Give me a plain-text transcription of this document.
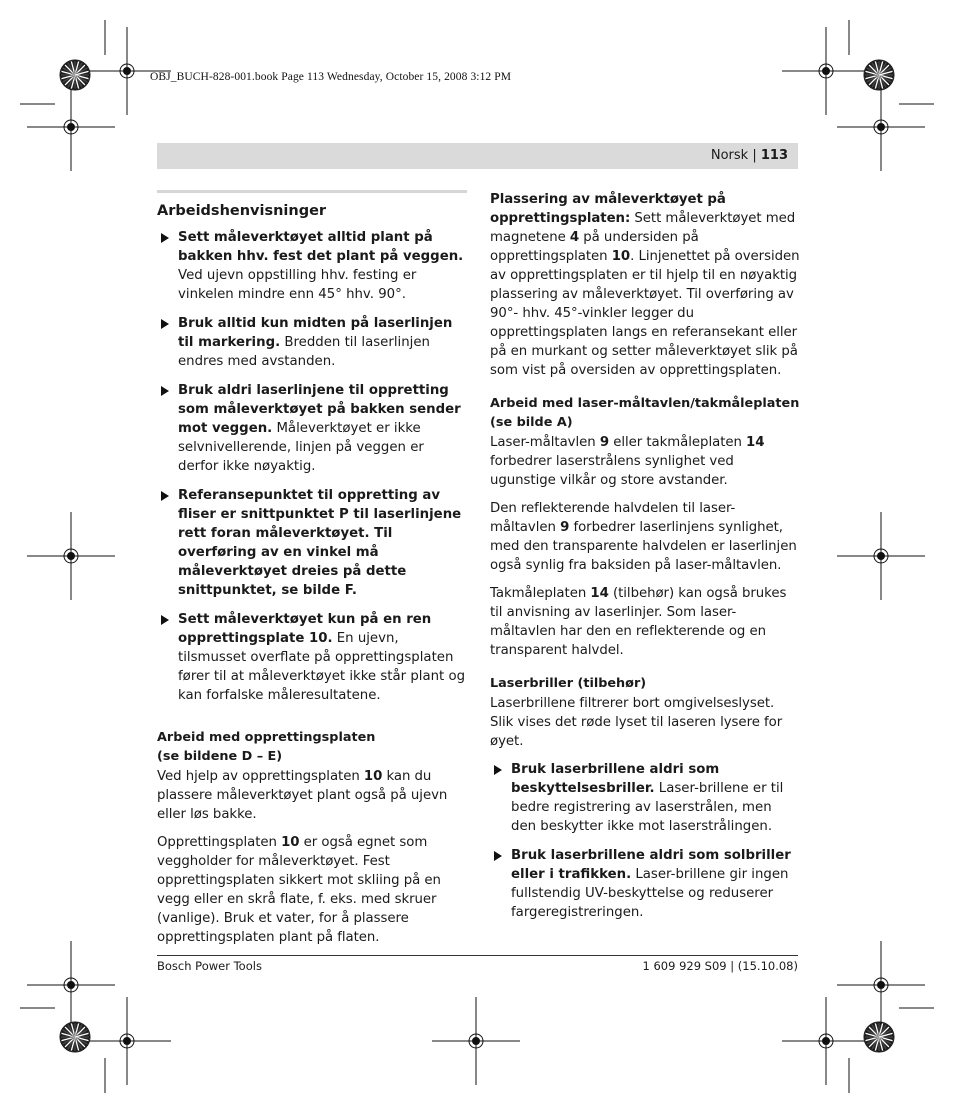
OBJ_BUCH-828-001.book Page 113 Wednesday, October 15, 2008 3:12 PM
Norsk | 113
Arbeidshenvisninger
Sett måleverktøyet alltid plant på bakken hhv. fest det plant på veggen. Ved ujevn oppstilling hhv. festing er vinkelen mindre enn 45° hhv. 90°.
Bruk alltid kun midten på laserlinjen til markering. Bredden til laserlinjen endres med avstanden.
Bruk aldri laserlinjene til oppretting som måleverktøyet på bakken sender mot veggen. Måleverktøyet er ikke selvnivellerende, linjen på veggen er derfor ikke nøyaktig.
Referansepunktet til oppretting av fliser er snittpunktet P til laserlinjene rett foran måleverktøyet. Til overføring av en vinkel må måleverktøyet dreies på dette snittpunktet, se bilde F.
Sett måleverktøyet kun på en ren opprettingsplate 10. En ujevn, tilsmusset overflate på opprettingsplaten fører til at måleverktøyet ikke står plant og kan forfalske måleresultatene.
Arbeid med opprettingsplaten
(se bildene D – E)

Ved hjelp av opprettingsplaten 10 kan du plassere måleverktøyet plant også på ujevn eller løs bakke.

Opprettingsplaten 10 er også egnet som veggholder for måleverktøyet. Fest opprettingsplaten sikkert mot skliing på en vegg eller en skrå flate, f. eks. med skruer (vanlige). Bruk et vater, for å plassere opprettingsplaten plant på flaten.

Plassering av måleverktøyet på opprettingsplaten: Sett måleverktøyet med magnetene 4 på undersiden på opprettingsplaten 10. Linjenettet på oversiden av opprettingsplaten er til hjelp til en nøyaktig plassering av måleverktøyet. Til overføring av 90°- hhv. 45°-vinkler legger du opprettingsplaten langs en referansekant eller på en murkant og setter måleverktøyet slik på som vist på oversiden av opprettingsplaten.

Arbeid med laser-måltavlen/takmåleplaten
(se bilde A)

Laser-måltavlen 9 eller takmåleplaten 14 forbedrer laserstrålens synlighet ved ugunstige vilkår og store avstander.

Den reflekterende halvdelen til laser-måltavlen 9 forbedrer laserlinjens synlighet, med den transparente halvdelen er laserlinjen også synlig fra baksiden på laser-måltavlen.

Takmåleplaten 14 (tilbehør) kan også brukes til anvisning av laserlinjer. Som laser-måltavlen har den en reflekterende og en transparent halvdel.

Laserbriller (tilbehør)

Laserbrillene filtrerer bort omgivelseslyset. Slik vises det røde lyset til laseren lysere for øyet.

Bruk laserbrillene aldri som beskyttelsesbriller. Laser-brillene er til bedre registrering av laserstrålen, men den beskytter ikke mot laserstrålingen.
Bruk laserbrillene aldri som solbriller eller i trafikken. Laser-brillene gir ingen fullstendig UV-beskyttelse og reduserer fargeregistreringen.
Bosch Power Tools	1 609 929 S09 | (15.10.08)
